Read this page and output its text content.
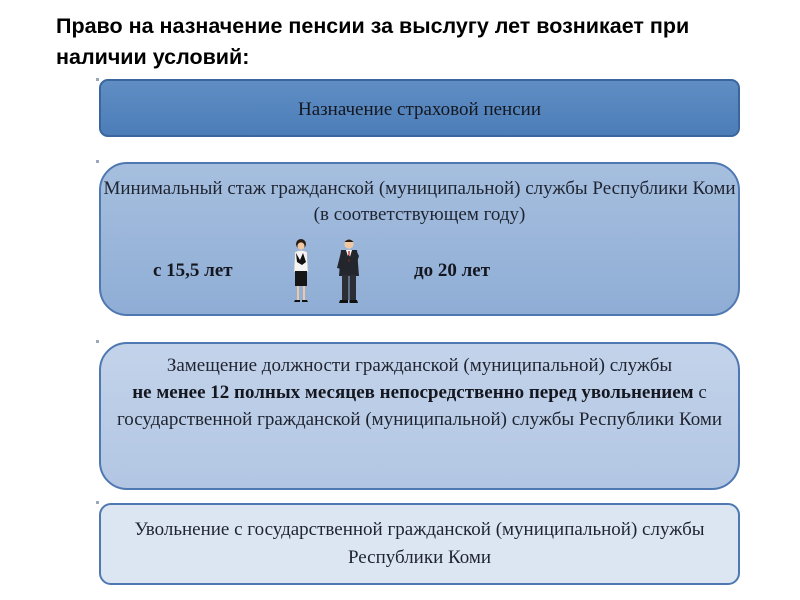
Право на назначение пенсии за выслугу лет возникает при наличии условий:
Назначение страховой пенсии
Минимальный стаж гражданской (муниципальной) службы Республики Коми (в соответствующем году)
с 15,5 лет	до 20 лет
Замещение должности гражданской (муниципальной) службы
не менее 12 полных месяцев непосредственно перед увольнением с государственной гражданской (муниципальной) службы Республики Коми
Увольнение с государственной гражданской (муниципальной) службы Республики Коми
